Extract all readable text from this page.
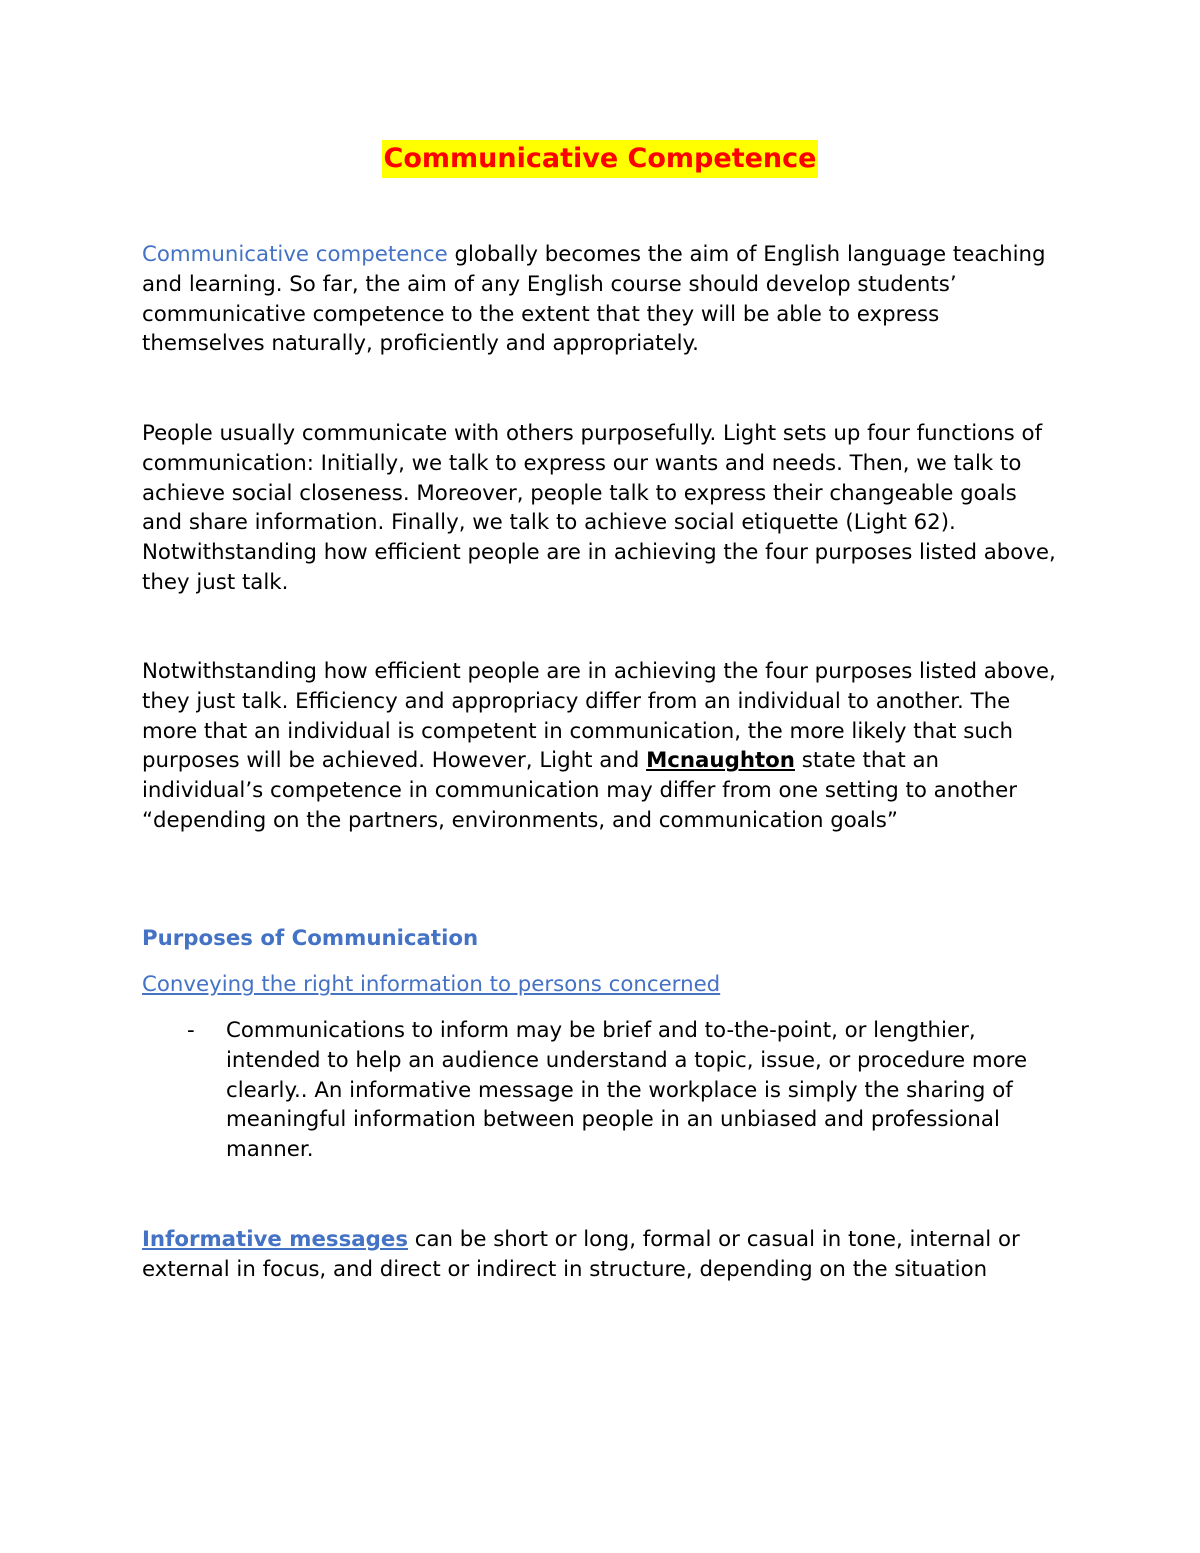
Communicative Competence

Communicative competence globally becomes the aim of English language teaching and learning. So far, the aim of any English course should develop students’ communicative competence to the extent that they will be able to express themselves naturally, proficiently and appropriately.

People usually communicate with others purposefully. Light sets up four functions of communication: Initially, we talk to express our wants and needs. Then, we talk to achieve social closeness. Moreover, people talk to express their changeable goals and share information. Finally, we talk to achieve social etiquette (Light 62). Notwithstanding how efficient people are in achieving the four purposes listed above, they just talk.

Notwithstanding how efficient people are in achieving the four purposes listed above, they just talk. Efficiency and appropriacy differ from an individual to another. The more that an individual is competent in communication, the more likely that such purposes will be achieved. However, Light and Mcnaughton state that an individual’s competence in communication may differ from one setting to another “depending on the partners, environments, and communication goals”

Purposes of Communication

Conveying the right information to persons concerned

- Communications to inform may be brief and to-the-point, or lengthier, intended to help an audience understand a topic, issue, or procedure more clearly.. An informative message in the workplace is simply the sharing of meaningful information between people in an unbiased and professional manner.

Informative messages can be short or long, formal or casual in tone, internal or external in focus, and direct or indirect in structure, depending on the situation
